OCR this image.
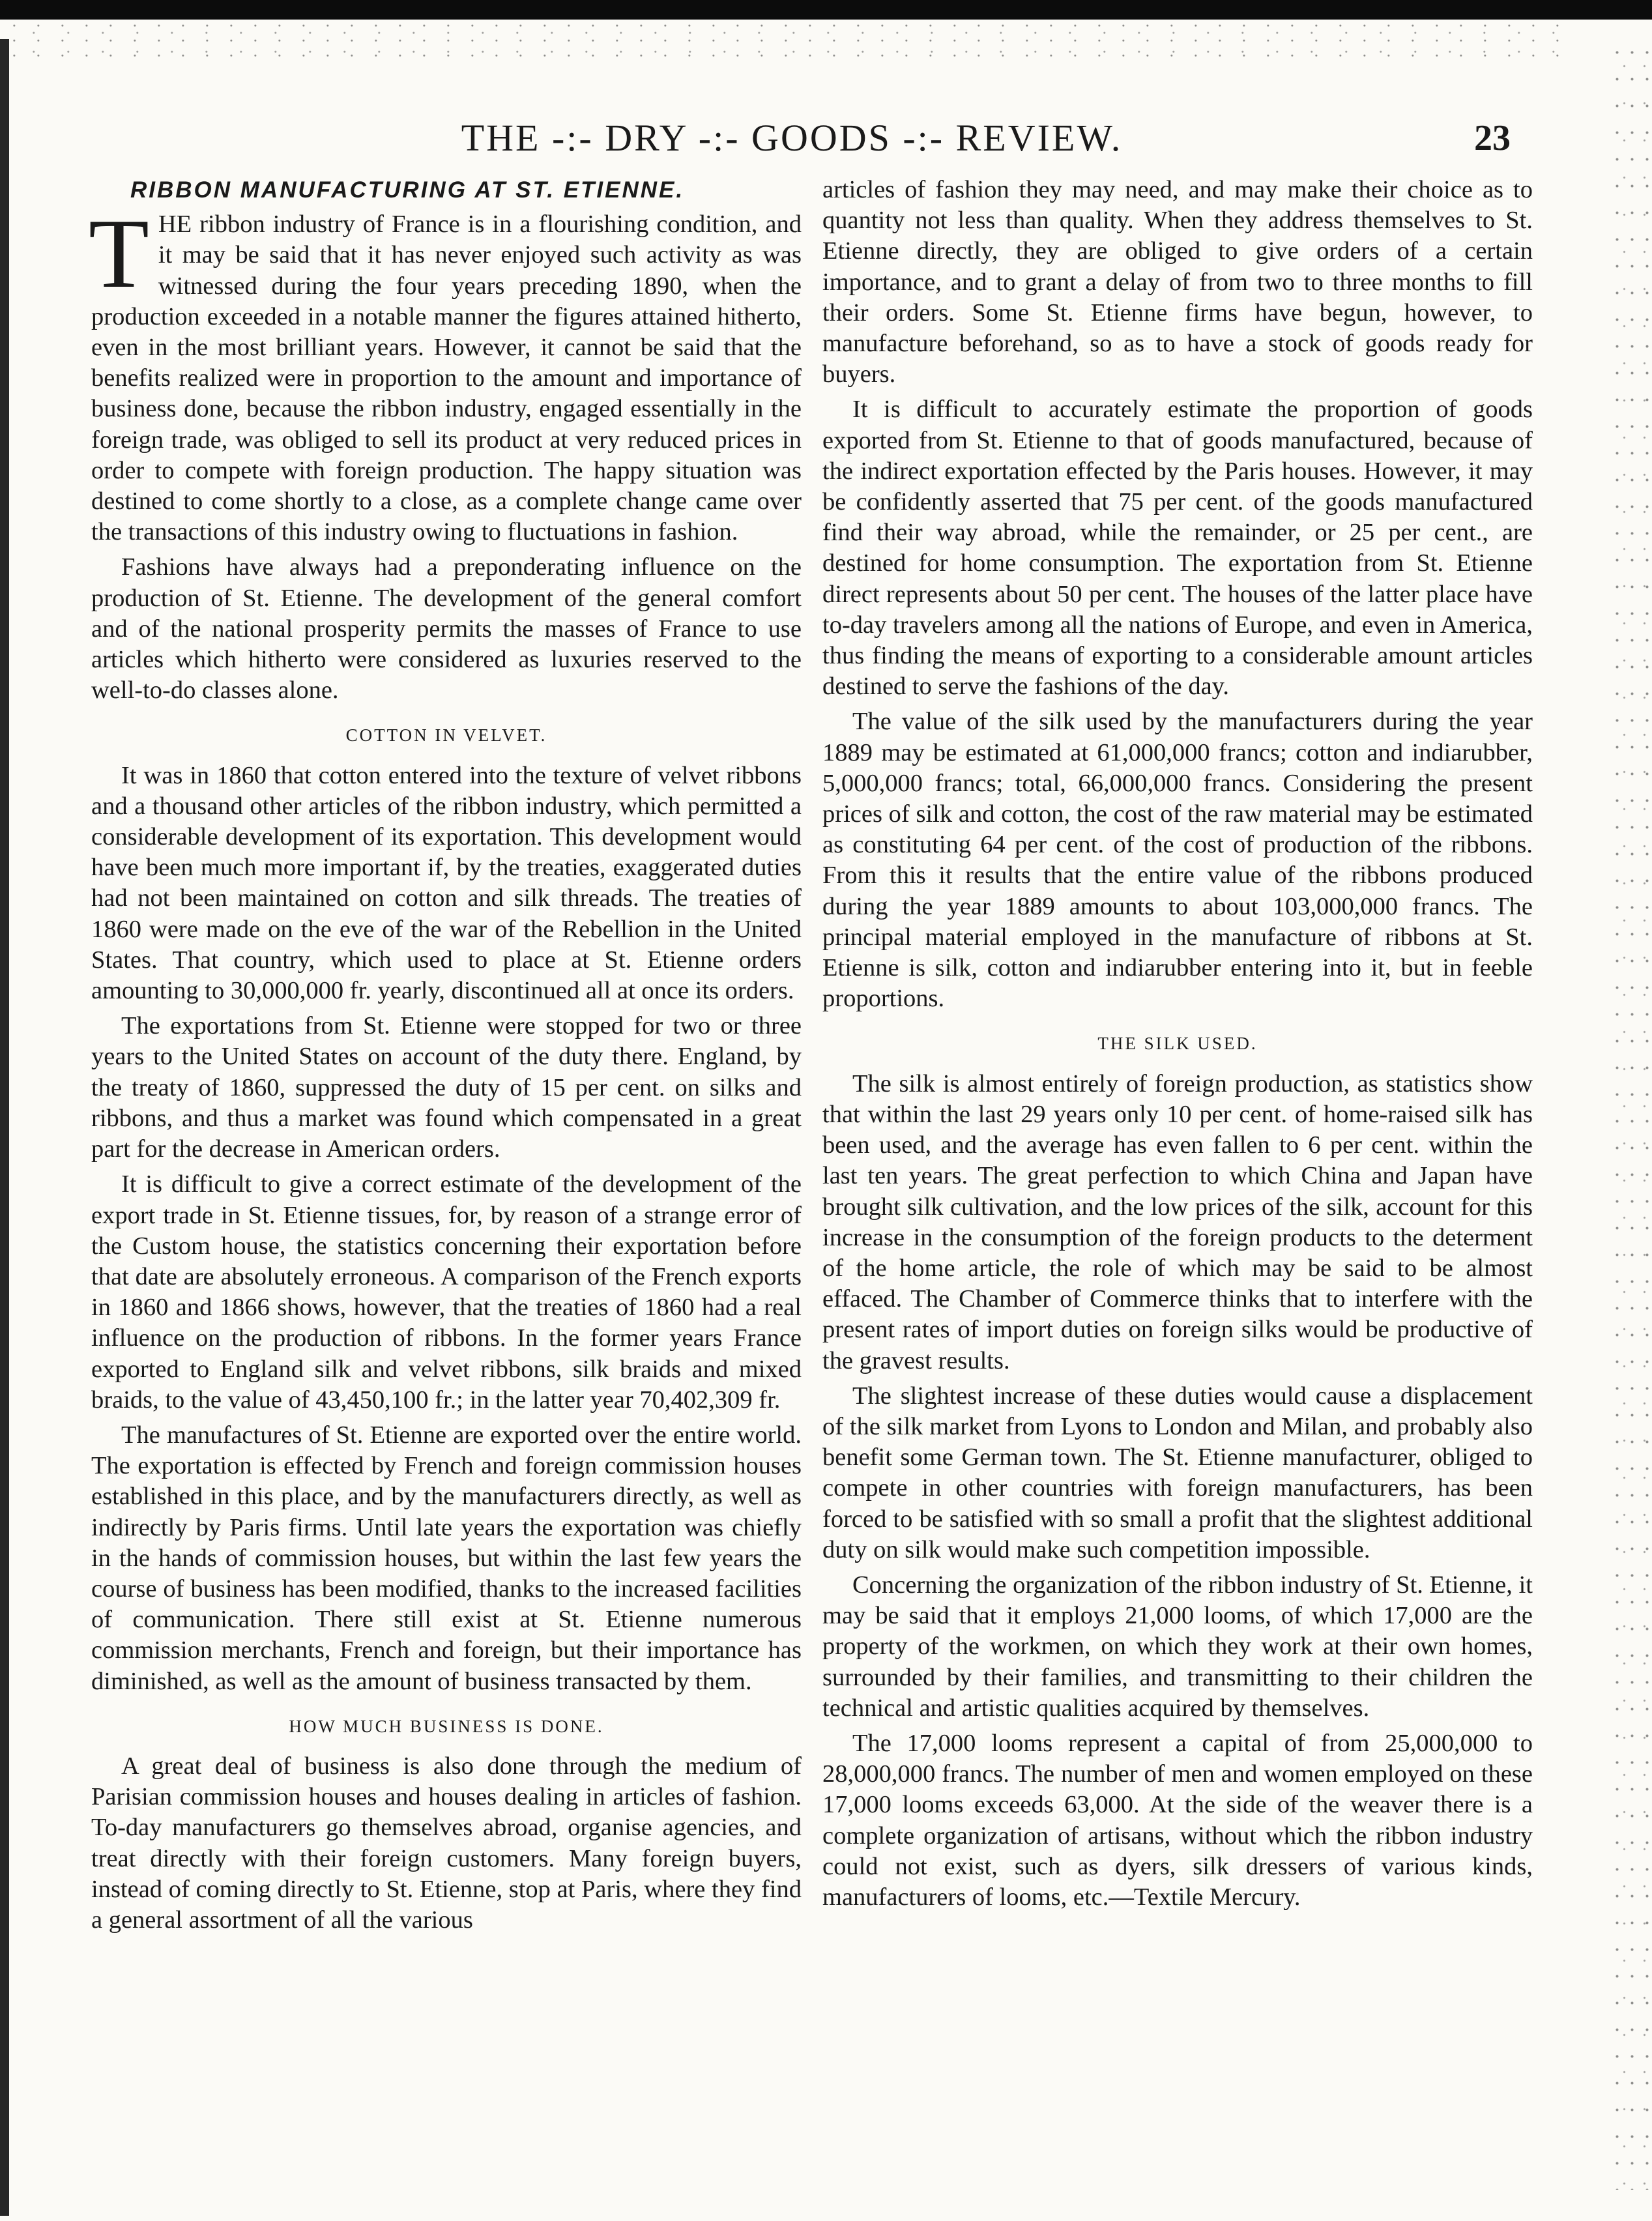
THE -:- DRY -:- GOODS -:- REVIEW.	23
RIBBON MANUFACTURING AT ST. ETIENNE.

THE ribbon industry of France is in a flourishing condition, and it may be said that it has never enjoyed such activity as was witnessed during the four years preceding 1890, when the production exceeded in a notable manner the figures attained hitherto, even in the most brilliant years. However, it cannot be said that the benefits realized were in proportion to the amount and importance of business done, because the ribbon industry, engaged essentially in the foreign trade, was obliged to sell its product at very reduced prices in order to compete with foreign production. The happy situation was destined to come shortly to a close, as a complete change came over the transactions of this industry owing to fluctuations in fashion.

Fashions have always had a preponderating influence on the production of St. Etienne. The development of the general comfort and of the national prosperity permits the masses of France to use articles which hitherto were considered as luxuries reserved to the well-to-do classes alone.

COTTON IN VELVET.

It was in 1860 that cotton entered into the texture of velvet ribbons and a thousand other articles of the ribbon industry, which permitted a considerable development of its exportation. This development would have been much more important if, by the treaties, exaggerated duties had not been maintained on cotton and silk threads. The treaties of 1860 were made on the eve of the war of the Rebellion in the United States. That country, which used to place at St. Etienne orders amounting to 30,000,000 fr. yearly, discontinued all at once its orders.

The exportations from St. Etienne were stopped for two or three years to the United States on account of the duty there. England, by the treaty of 1860, suppressed the duty of 15 per cent. on silks and ribbons, and thus a market was found which compensated in a great part for the decrease in American orders.

It is difficult to give a correct estimate of the development of the export trade in St. Etienne tissues, for, by reason of a strange error of the Custom house, the statistics concerning their exportation before that date are absolutely erroneous. A comparison of the French exports in 1860 and 1866 shows, however, that the treaties of 1860 had a real influence on the production of ribbons. In the former years France exported to England silk and velvet ribbons, silk braids and mixed braids, to the value of 43,450,100 fr.; in the latter year 70,402,309 fr.

The manufactures of St. Etienne are exported over the entire world. The exportation is effected by French and foreign commission houses established in this place, and by the manufacturers directly, as well as indirectly by Paris firms. Until late years the exportation was chiefly in the hands of commission houses, but within the last few years the course of business has been modified, thanks to the increased facilities of communication. There still exist at St. Etienne numerous commission merchants, French and foreign, but their importance has diminished, as well as the amount of business transacted by them.

HOW MUCH BUSINESS IS DONE.

A great deal of business is also done through the medium of Parisian commission houses and houses dealing in articles of fashion. To-day manufacturers go themselves abroad, organise agencies, and treat directly with their foreign customers. Many foreign buyers, instead of coming directly to St. Etienne, stop at Paris, where they find a general assortment of all the various

articles of fashion they may need, and may make their choice as to quantity not less than quality. When they address themselves to St. Etienne directly, they are obliged to give orders of a certain importance, and to grant a delay of from two to three months to fill their orders. Some St. Etienne firms have begun, however, to manufacture beforehand, so as to have a stock of goods ready for buyers.

It is difficult to accurately estimate the proportion of goods exported from St. Etienne to that of goods manufactured, because of the indirect exportation effected by the Paris houses. However, it may be confidently asserted that 75 per cent. of the goods manufactured find their way abroad, while the remainder, or 25 per cent., are destined for home consumption. The exportation from St. Etienne direct represents about 50 per cent. The houses of the latter place have to-day travelers among all the nations of Europe, and even in America, thus finding the means of exporting to a considerable amount articles destined to serve the fashions of the day.

The value of the silk used by the manufacturers during the year 1889 may be estimated at 61,000,000 francs; cotton and indiarubber, 5,000,000 francs; total, 66,000,000 francs. Considering the present prices of silk and cotton, the cost of the raw material may be estimated as constituting 64 per cent. of the cost of production of the ribbons. From this it results that the entire value of the ribbons produced during the year 1889 amounts to about 103,000,000 francs. The principal material employed in the manufacture of ribbons at St. Etienne is silk, cotton and indiarubber entering into it, but in feeble proportions.

THE SILK USED.

The silk is almost entirely of foreign production, as statistics show that within the last 29 years only 10 per cent. of home-raised silk has been used, and the average has even fallen to 6 per cent. within the last ten years. The great perfection to which China and Japan have brought silk cultivation, and the low prices of the silk, account for this increase in the consumption of the foreign products to the determent of the home article, the role of which may be said to be almost effaced. The Chamber of Commerce thinks that to interfere with the present rates of import duties on foreign silks would be productive of the gravest results.

The slightest increase of these duties would cause a displacement of the silk market from Lyons to London and Milan, and probably also benefit some German town. The St. Etienne manufacturer, obliged to compete in other countries with foreign manufacturers, has been forced to be satisfied with so small a profit that the slightest additional duty on silk would make such competition impossible.

Concerning the organization of the ribbon industry of St. Etienne, it may be said that it employs 21,000 looms, of which 17,000 are the property of the workmen, on which they work at their own homes, surrounded by their families, and transmitting to their children the technical and artistic qualities acquired by themselves.

The 17,000 looms represent a capital of from 25,000,000 to 28,000,000 francs. The number of men and women employed on these 17,000 looms exceeds 63,000. At the side of the weaver there is a complete organization of artisans, without which the ribbon industry could not exist, such as dyers, silk dressers of various kinds, manufacturers of looms, etc.—Textile Mercury.
